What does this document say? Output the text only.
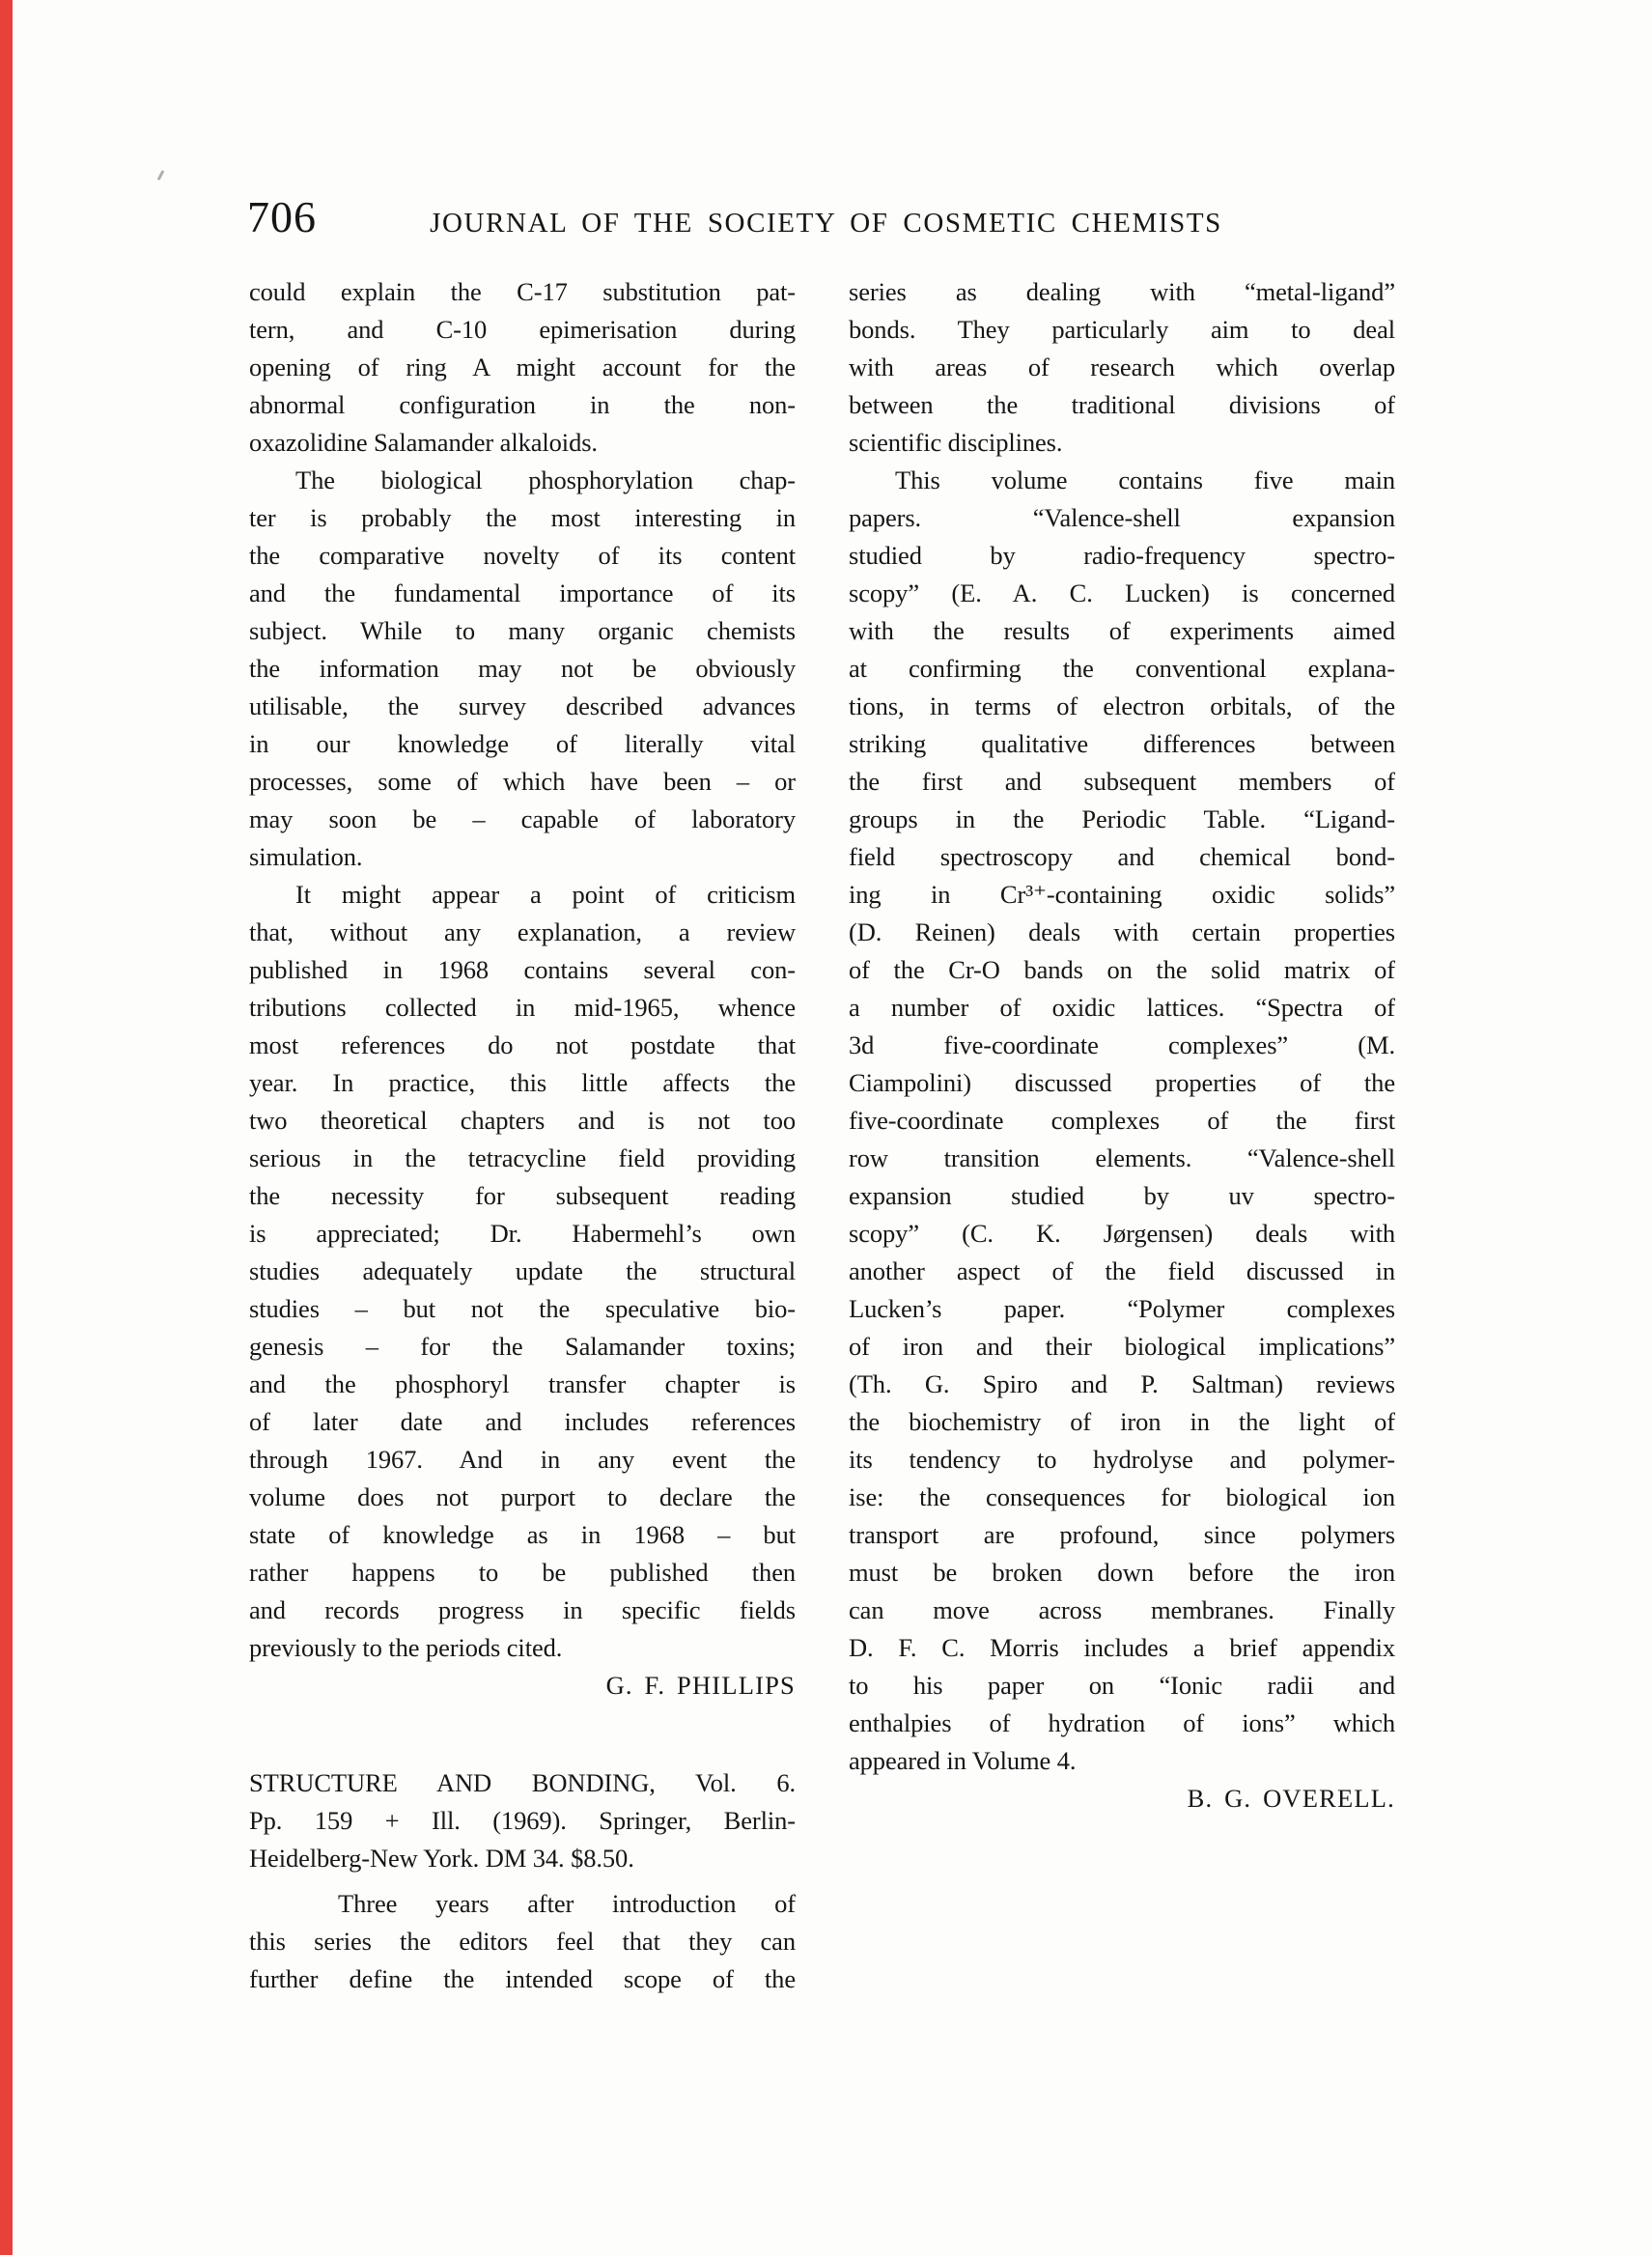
706	JOURNAL OF THE SOCIETY OF COSMETIC CHEMISTS
could explain the C-17 substitution pat-
tern, and C-10 epimerisation during
opening of ring A might account for the
abnormal configuration in the non-
oxazolidine Salamander alkaloids.
The biological phosphorylation chap-
ter is probably the most interesting in
the comparative novelty of its content
and the fundamental importance of its
subject. While to many organic chemists
the information may not be obviously
utilisable, the survey described advances
in our knowledge of literally vital
processes, some of which have been – or
may soon be – capable of laboratory
simulation.
It might appear a point of criticism
that, without any explanation, a review
published in 1968 contains several con-
tributions collected in mid-1965, whence
most references do not postdate that
year. In practice, this little affects the
two theoretical chapters and is not too
serious in the tetracycline field providing
the necessity for subsequent reading
is appreciated; Dr. Habermehl’s own
studies adequately update the structural
studies – but not the speculative bio-
genesis – for the Salamander toxins;
and the phosphoryl transfer chapter is
of later date and includes references
through 1967. And in any event the
volume does not purport to declare the
state of knowledge as in 1968 – but
rather happens to be published then
and records progress in specific fields
previously to the periods cited.
G. F. PHILLIPS
STRUCTURE AND BONDING, Vol. 6.
Pp. 159 + Ill. (1969). Springer, Berlin-
Heidelberg-New York. DM 34. $8.50.
Three years after introduction of
this series the editors feel that they can
further define the intended scope of the
series as dealing with “metal-ligand”
bonds. They particularly aim to deal
with areas of research which overlap
between the traditional divisions of
scientific disciplines.
This volume contains five main
papers. “Valence-shell expansion
studied by radio-frequency spectro-
scopy” (E. A. C. Lucken) is concerned
with the results of experiments aimed
at confirming the conventional explana-
tions, in terms of electron orbitals, of the
striking qualitative differences between
the first and subsequent members of
groups in the Periodic Table. “Ligand-
field spectroscopy and chemical bond-
ing in Cr³⁺-containing oxidic solids”
(D. Reinen) deals with certain properties
of the Cr-O bands on the solid matrix of
a number of oxidic lattices. “Spectra of
3d five-coordinate complexes” (M.
Ciampolini) discussed properties of the
five-coordinate complexes of the first
row transition elements. “Valence-shell
expansion studied by uv spectro-
scopy” (C. K. Jørgensen) deals with
another aspect of the field discussed in
Lucken’s paper. “Polymer complexes
of iron and their biological implications”
(Th. G. Spiro and P. Saltman) reviews
the biochemistry of iron in the light of
its tendency to hydrolyse and polymer-
ise: the consequences for biological ion
transport are profound, since polymers
must be broken down before the iron
can move across membranes. Finally
D. F. C. Morris includes a brief appendix
to his paper on “Ionic radii and
enthalpies of hydration of ions” which
appeared in Volume 4.
B. G. OVERELL.
